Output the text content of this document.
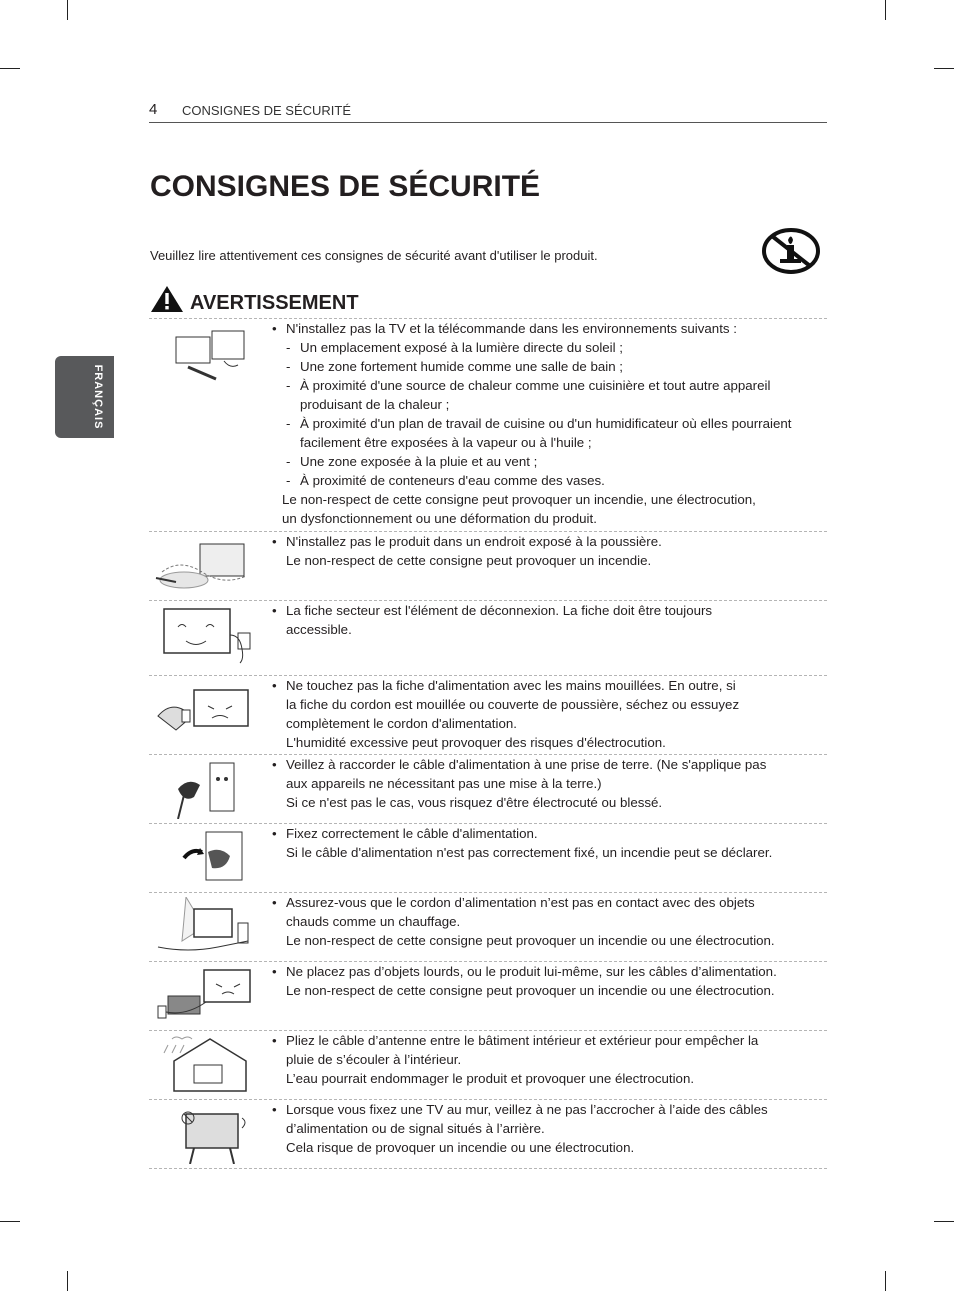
4 CONSIGNES DE SÉCURITÉ
FRANÇAIS
CONSIGNES DE SÉCURITÉ
Veuillez lire attentivement ces consignes de sécurité avant d'utiliser le produit.
AVERTISSEMENT
• N'installez pas la TV et la télécommande dans les environnements suivants :
- Un emplacement exposé à la lumière directe du soleil ;
- Une zone fortement humide comme une salle de bain ;
- À proximité d'une source de chaleur comme une cuisinière et tout autre appareil produisant de la chaleur ;
- À proximité d'un plan de travail de cuisine ou d'un humidificateur où elles pourraient facilement être exposées à la vapeur ou à l'huile ;
- Une zone exposée à la pluie et au vent ;
- À proximité de conteneurs d'eau comme des vases.
Le non-respect de cette consigne peut provoquer un incendie, une électrocution,
un dysfonctionnement ou une déformation du produit.
• N'installez pas le produit dans un endroit exposé à la poussière.
Le non-respect de cette consigne peut provoquer un incendie.
• La fiche secteur est l'élément de déconnexion. La fiche doit être toujours
accessible.
• Ne touchez pas la fiche d'alimentation avec les mains mouillées. En outre, si
la fiche du cordon est mouillée ou couverte de poussière, séchez ou essuyez
complètement le cordon d'alimentation.
L'humidité excessive peut provoquer des risques d'électrocution.
• Veillez à raccorder le câble d'alimentation à une prise de terre. (Ne s'applique pas
aux appareils ne nécessitant pas une mise à la terre.)
Si ce n'est pas le cas, vous risquez d'être électrocuté ou blessé.
• Fixez correctement le câble d'alimentation.
Si le câble d'alimentation n'est pas correctement fixé, un incendie peut se déclarer.
• Assurez-vous que le cordon d’alimentation n’est pas en contact avec des objets
chauds comme un chauffage.
Le non-respect de cette consigne peut provoquer un incendie ou une électrocution.
• Ne placez pas d’objets lourds, ou le produit lui-même, sur les câbles d’alimentation.
Le non-respect de cette consigne peut provoquer un incendie ou une électrocution.
• Pliez le câble d’antenne entre le bâtiment intérieur et extérieur pour empêcher la
pluie de s’écouler à l’intérieur.
L’eau pourrait endommager le produit et provoquer une électrocution.
• Lorsque vous fixez une TV au mur, veillez à ne pas l’accrocher à l’aide des câbles
d’alimentation ou de signal situés à l’arrière.
Cela risque de provoquer un incendie ou une électrocution.
